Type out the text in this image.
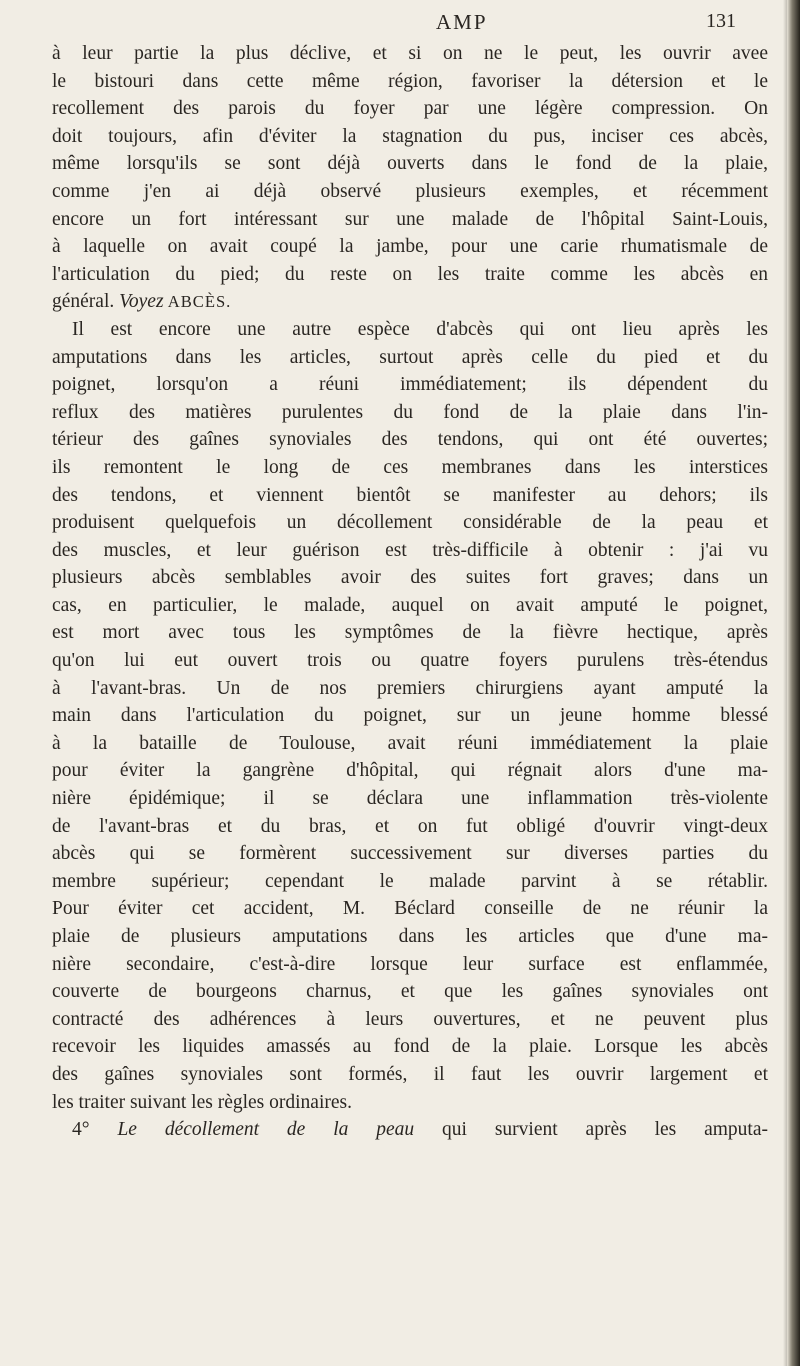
AMP	131
à leur partie la plus déclive, et si on ne le peut, les ouvrir avee
le bistouri dans cette même région, favoriser la détersion et le
recollement des parois du foyer par une légère compression. On
doit toujours, afin d'éviter la stagnation du pus, inciser ces abcès,
même lorsqu'ils se sont déjà ouverts dans le fond de la plaie,
comme j'en ai déjà observé plusieurs exemples, et récemment
encore un fort intéressant sur une malade de l'hôpital Saint-Louis,
à laquelle on avait coupé la jambe, pour une carie rhumatismale de
l'articulation du pied; du reste on les traite comme les abcès en
général. Voyez ABCÈS.
Il est encore une autre espèce d'abcès qui ont lieu après les
amputations dans les articles, surtout après celle du pied et du
poignet, lorsqu'on a réuni immédiatement; ils dépendent du
reflux des matières purulentes du fond de la plaie dans l'in-
térieur des gaînes synoviales des tendons, qui ont été ouvertes;
ils remontent le long de ces membranes dans les interstices
des tendons, et viennent bientôt se manifester au dehors; ils
produisent quelquefois un décollement considérable de la peau et
des muscles, et leur guérison est très-difficile à obtenir : j'ai vu
plusieurs abcès semblables avoir des suites fort graves; dans un
cas, en particulier, le malade, auquel on avait amputé le poignet,
est mort avec tous les symptômes de la fièvre hectique, après
qu'on lui eut ouvert trois ou quatre foyers purulens très-étendus
à l'avant-bras. Un de nos premiers chirurgiens ayant amputé la
main dans l'articulation du poignet, sur un jeune homme blessé
à la bataille de Toulouse, avait réuni immédiatement la plaie
pour éviter la gangrène d'hôpital, qui régnait alors d'une ma-
nière épidémique; il se déclara une inflammation très-violente
de l'avant-bras et du bras, et on fut obligé d'ouvrir vingt-deux
abcès qui se formèrent successivement sur diverses parties du
membre supérieur; cependant le malade parvint à se rétablir.
Pour éviter cet accident, M. Béclard conseille de ne réunir la
plaie de plusieurs amputations dans les articles que d'une ma-
nière secondaire, c'est-à-dire lorsque leur surface est enflammée,
couverte de bourgeons charnus, et que les gaînes synoviales ont
contracté des adhérences à leurs ouvertures, et ne peuvent plus
recevoir les liquides amassés au fond de la plaie. Lorsque les abcès
des gaînes synoviales sont formés, il faut les ouvrir largement et
les traiter suivant les règles ordinaires.
4° Le décollement de la peau qui survient après les amputa-
